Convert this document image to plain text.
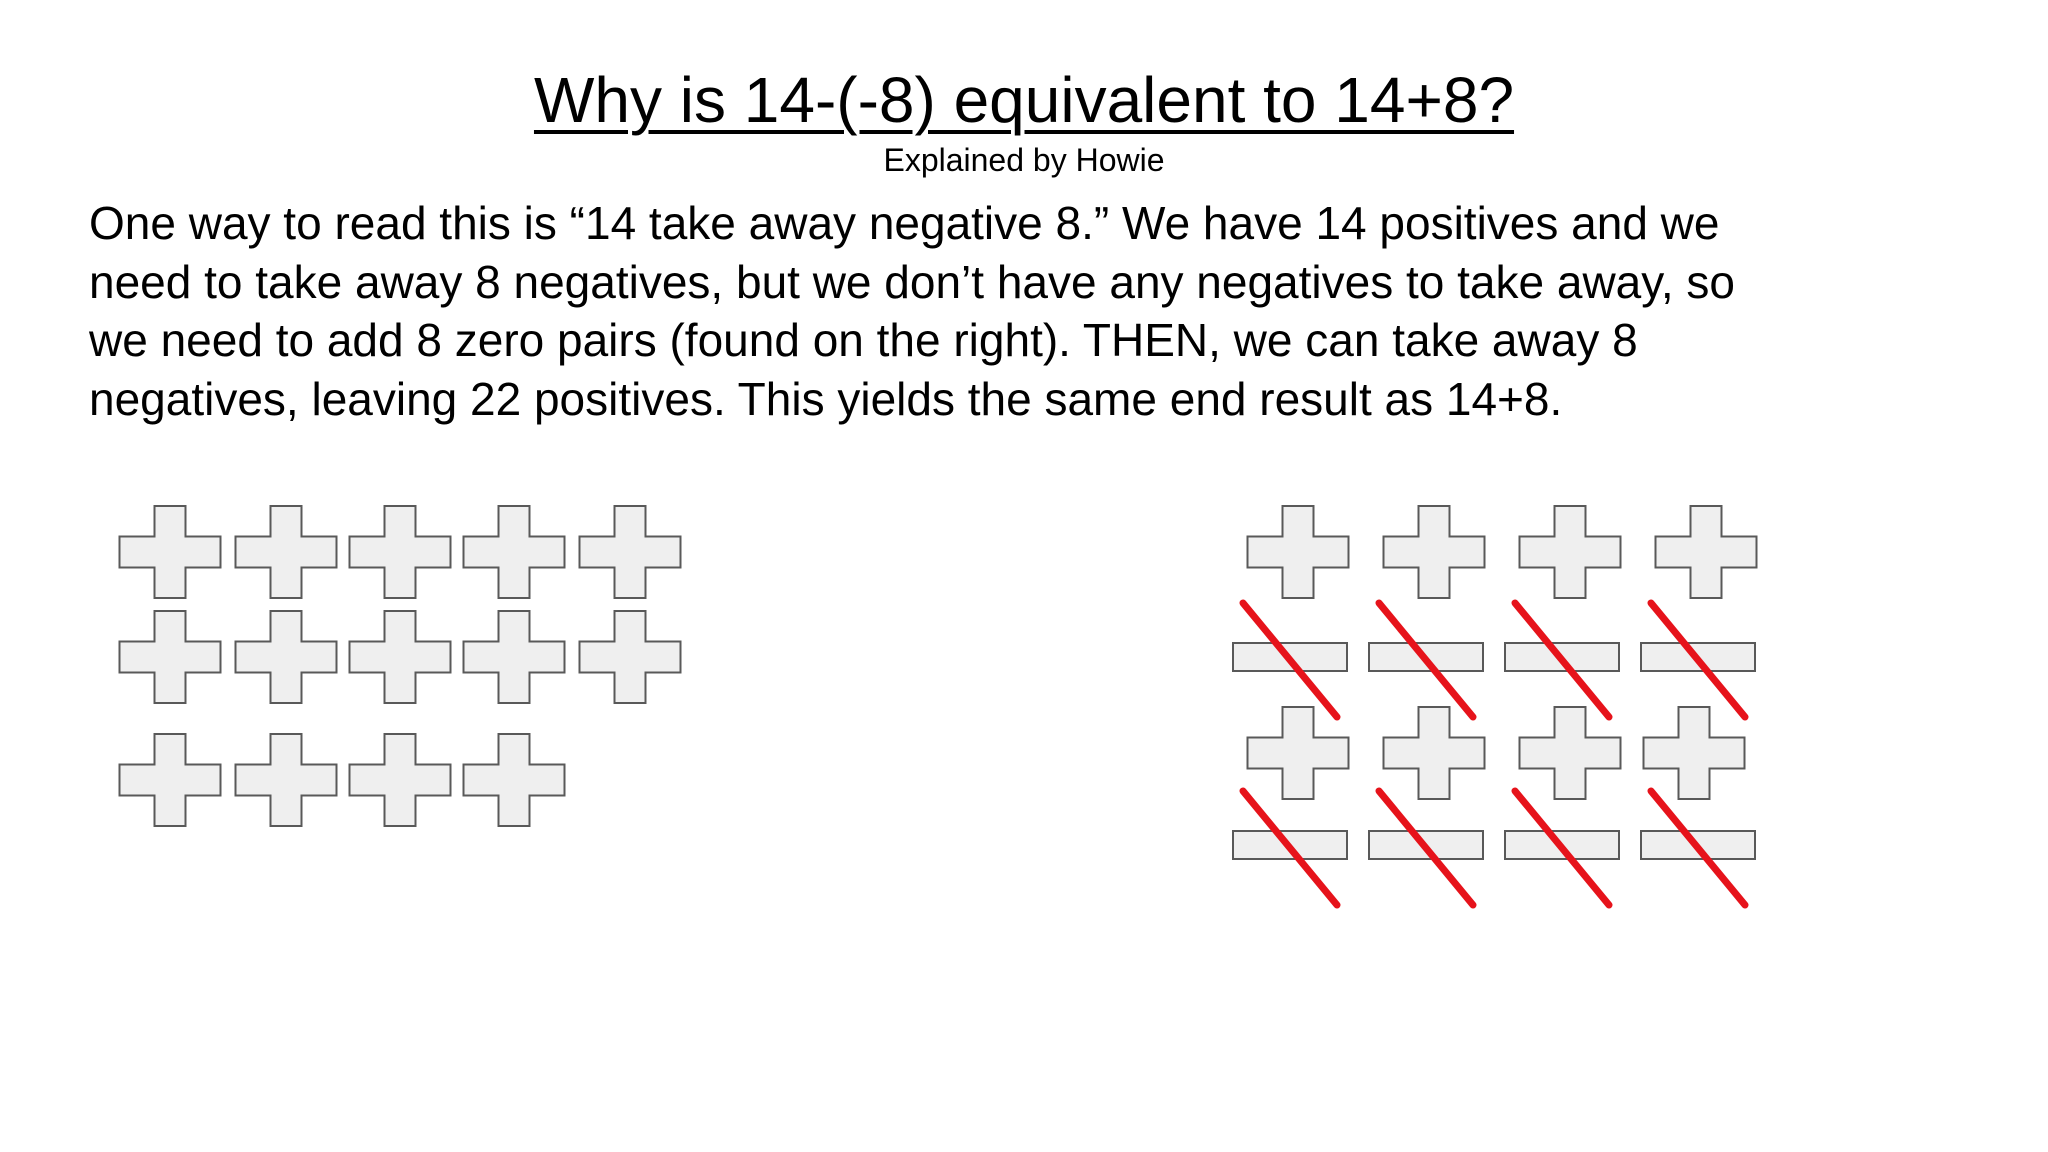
Why is 14-(-8) equivalent to 14+8?
Explained by Howie

One way to read this is “14 take away negative 8.” We have 14 positives and we
need to take away 8 negatives, but we don’t have any negatives to take away, so
we need to add 8 zero pairs (found on the right). THEN, we can take away 8
negatives, leaving 22 positives. This yields the same end result as 14+8.
